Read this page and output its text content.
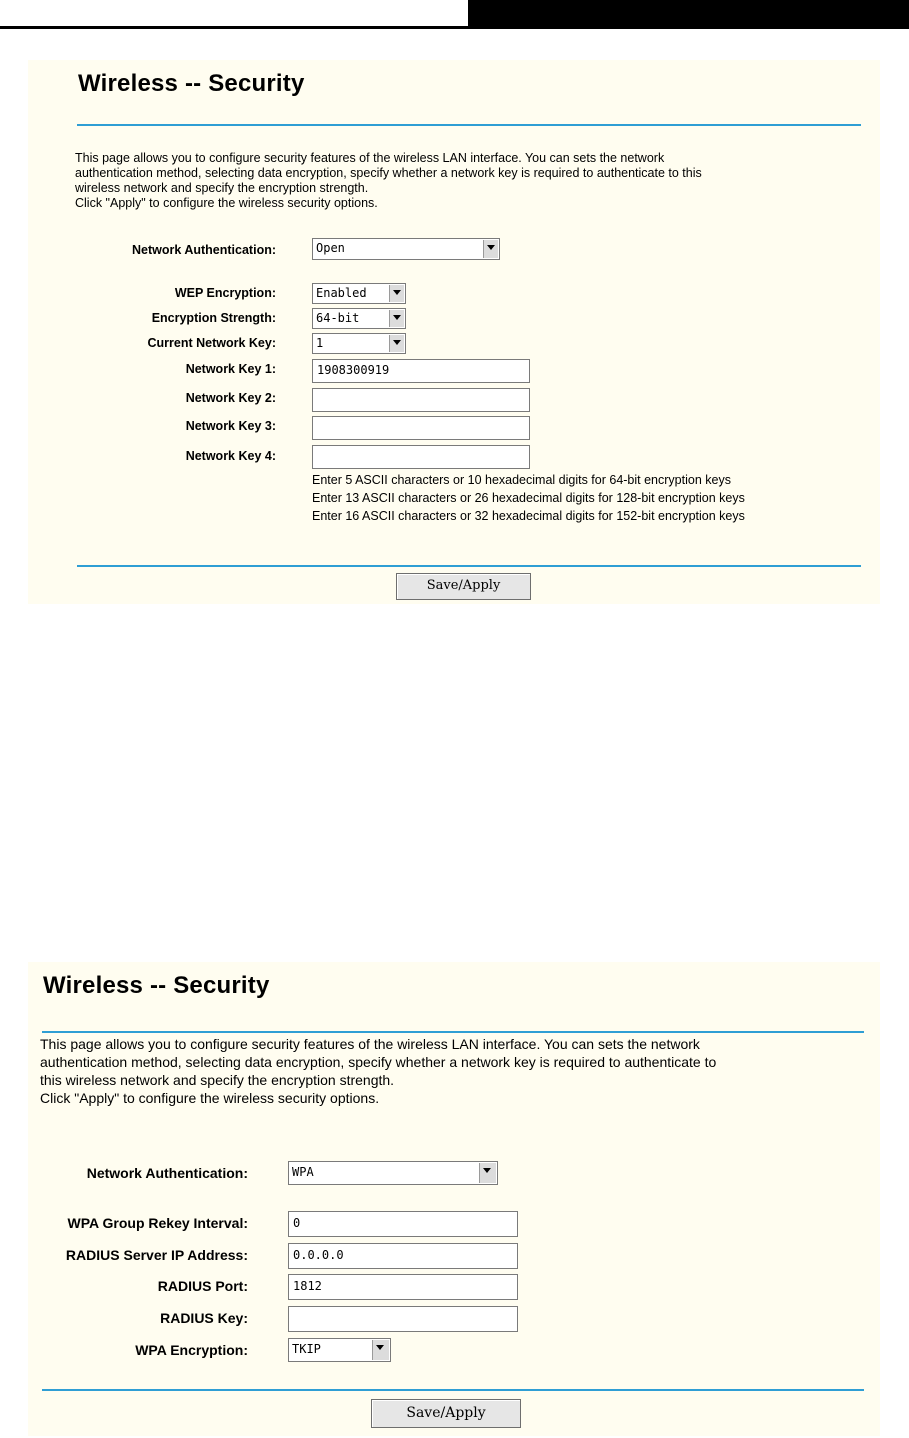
Wireless -- Security
This page allows you to configure security features of the wireless LAN interface. You can sets the network
authentication method, selecting data encryption, specify whether a network key is required to authenticate to this
wireless network and specify the encryption strength.
Click "Apply" to configure the wireless security options.
Network Authentication:	Open
WEP Encryption:	Enabled
Encryption Strength:	64-bit
Current Network Key:	1
Network Key 1:	1908300919
Network Key 2:
Network Key 3:
Network Key 4:
Enter 5 ASCII characters or 10 hexadecimal digits for 64-bit encryption keys
Enter 13 ASCII characters or 26 hexadecimal digits for 128-bit encryption keys
Enter 16 ASCII characters or 32 hexadecimal digits for 152-bit encryption keys
Save/Apply
Wireless -- Security
This page allows you to configure security features of the wireless LAN interface. You can sets the network
authentication method, selecting data encryption, specify whether a network key is required to authenticate to
this wireless network and specify the encryption strength.
Click "Apply" to configure the wireless security options.
Network Authentication:	WPA
WPA Group Rekey Interval:	0
RADIUS Server IP Address:	0.0.0.0
RADIUS Port:	1812
RADIUS Key:
WPA Encryption:	TKIP
Save/Apply
